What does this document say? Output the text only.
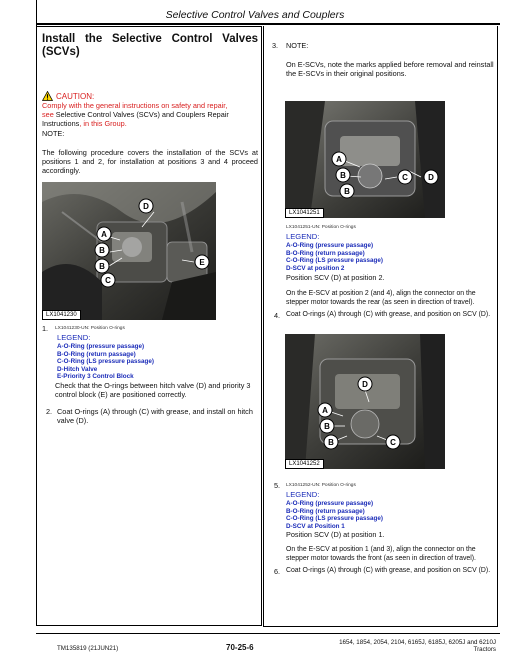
Selective Control Valves and Couplers
Install the Selective Control Valves (SCVs)
CAUTION:
Comply with the general instructions on safety and repair,
see Selective Control Valves (SCVs) and Couplers Repair Instructions, in this Group.
NOTE:
The following procedure covers the installation of the SCVs at positions 1 and 2, for installation at positions 3 and 4 proceed accordingly.
A
B
B
C
D
E
LX1041230
1. LX1041230-UN: Position O-rings
LEGEND:
A-O-Ring (pressure passage)
B-O-Ring (return passage)
C-O-Ring (LS pressure passage)
D-Hitch Valve
E-Priority 3 Control Block
Check that the O-rings between hitch valve (D) and priority 3 control block (E) are positioned correctly.
2. Coat O-rings (A) through (C) with grease, and install on hitch valve (D).
3. NOTE:
On E-SCVs, note the marks applied before removal and reinstall the E-SCVs in their original positions.
A
B
B
C	D
LX1041251
LX1041251-UN: Position O-rings
LEGEND:
A-O-Ring (pressure passage)
B-O-Ring (return passage)
C-O-Ring (LS pressure passage)
D-SCV at position 2
Position SCV (D) at position 2.
On the E-SCV at position 2 (and 4), align the connector on the stepper motor towards the rear (as seen in direction of travel).
4. Coat O-rings (A) through (C) with grease, and position on SCV (D).
D
A
B
B	C
LX1041252
5. LX1041252-UN: Position O-rings
LEGEND:
A-O-Ring (pressure passage)
B-O-Ring (return passage)
C-O-Ring (LS pressure passage)
D-SCV at Position 1
Position SCV (D) at position 1.
On the E-SCV at position 1 (and 3), align the connector on the stepper motor towards the front (as seen in direction of travel).
6. Coat O-rings (A) through (C) with grease, and position on SCV (D).
TM135819 (21JUN21)	70-25-6
1654, 1854, 2054, 2104, 6165J, 6185J, 6205J and 6210J
Tractors
